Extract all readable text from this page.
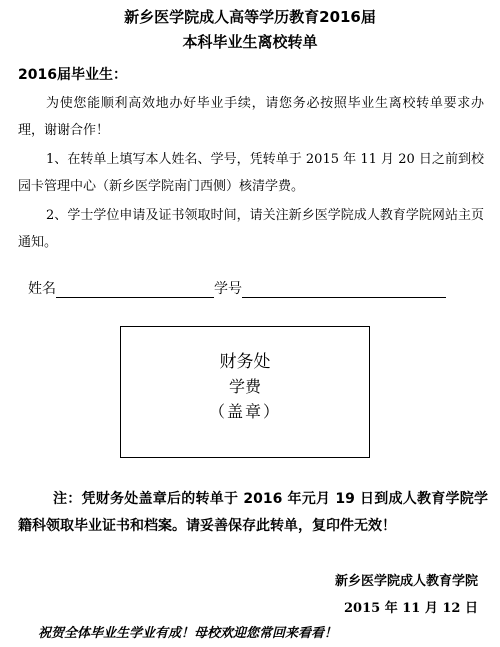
新乡医学院成人高等学历教育2016届
本科毕业生离校转单
2016届毕业生：
为使您能顺利高效地办好毕业手续，请您务必按照毕业生离校转单要求办理，谢谢合作！
1、在转单上填写本人姓名、学号，凭转单于 2015 年 11 月 20 日之前到校园卡管理中心（新乡医学院南门西侧）核清学费。
2、学士学位申请及证书领取时间，请关注新乡医学院成人教育学院网站主页通知。
姓名	学号
财务处
学费
（盖章）
注：凭财务处盖章后的转单于 2016 年元月 19 日到成人教育学院学籍科领取毕业证书和档案。请妥善保存此转单，复印件无效！
新乡医学院成人教育学院
2015 年 11 月 12 日
祝贺全体毕业生学业有成！母校欢迎您常回来看看！
